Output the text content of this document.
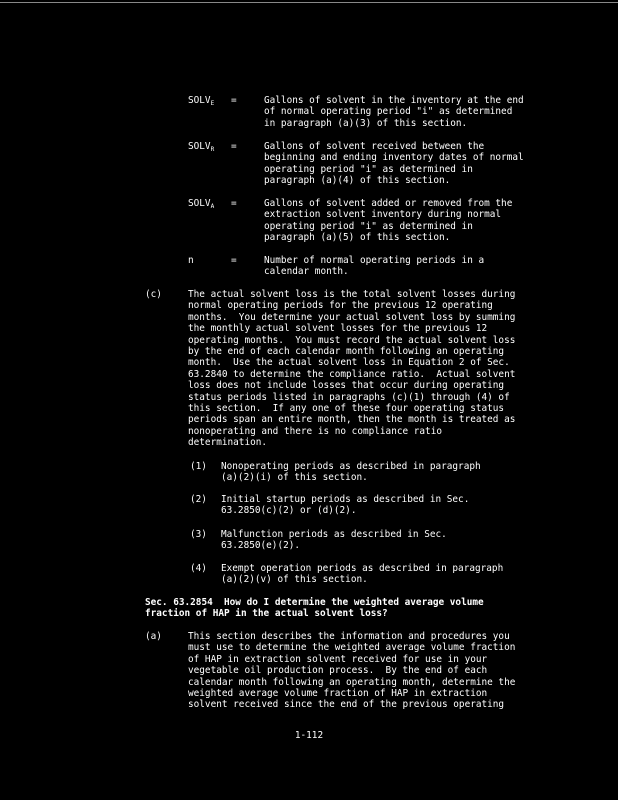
$SOLV_E$ =	Gallons of solvent in the inventory at the end
of normal operating period "i" as determined
in paragraph (a)(3) of this section.
$SOLV_R$ =	Gallons of solvent received between the
beginning and ending inventory dates of normal
operating period "i" as determined in
paragraph (a)(4) of this section.
$SOLV_A$ =	Gallons of solvent added or removed from the
extraction solvent inventory during normal
operating period "i" as determined in
paragraph (a)(5) of this section.
n	=	Number of normal operating periods in a
calendar month.
(c)	The actual solvent loss is the total solvent losses during
normal operating periods for the previous 12 operating
months.  You determine your actual solvent loss by summing
the monthly actual solvent losses for the previous 12
operating months.  You must record the actual solvent loss
by the end of each calendar month following an operating
month.  Use the actual solvent loss in Equation 2 of Sec.
63.2840 to determine the compliance ratio.  Actual solvent
loss does not include losses that occur during operating
status periods listed in paragraphs (c)(1) through (4) of
this section.  If any one of these four operating status
periods span an entire month, then the month is treated as
nonoperating and there is no compliance ratio
determination.
(1) Nonoperating periods as described in paragraph
(a)(2)(i) of this section.
(2) Initial startup periods as described in Sec.
63.2850(c)(2) or (d)(2).
(3) Malfunction periods as described in Sec.
63.2850(e)(2).
(4) Exempt operation periods as described in paragraph
(a)(2)(v) of this section.
Sec. 63.2854  How do I determine the weighted average volume
fraction of HAP in the actual solvent loss?
(a)	This section describes the information and procedures you
must use to determine the weighted average volume fraction
of HAP in extraction solvent received for use in your
vegetable oil production process.  By the end of each
calendar month following an operating month, determine the
weighted average volume fraction of HAP in extraction
solvent received since the end of the previous operating
1-112
